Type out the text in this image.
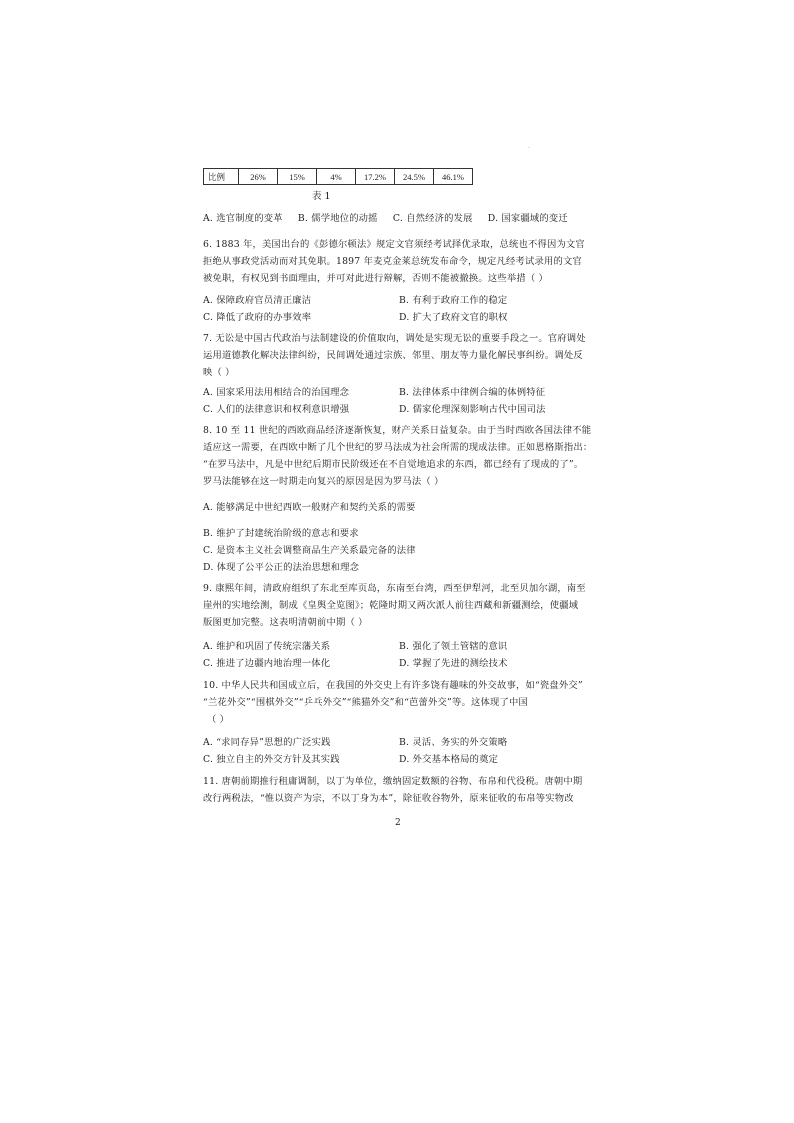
·
比例	26%	15%	4%	17.2%	24.5%	46.1%
表 1
A. 选官制度的变革 B. 儒学地位的动摇 C. 自然经济的发展 D. 国家疆域的变迁
6. 1883 年，美国出台的《彭德尔顿法》规定文官须经考试择优录取，总统也不得因为文官
拒绝从事政党活动而对其免职。1897 年麦克金莱总统发布命令，规定凡经考试录用的文官
被免职，有权见到书面理由，并可对此进行辩解，否则不能被撤换。这些举措（ ）
A. 保障政府官员清正廉洁	B. 有利于政府工作的稳定
C. 降低了政府的办事效率	D. 扩大了政府文官的职权
7. 无讼是中国古代政治与法制建设的价值取向，调处是实现无讼的重要手段之一。官府调处
运用道德教化解决法律纠纷，民间调处通过宗族、邻里、朋友等力量化解民事纠纷。调处反
映（ ）
A. 国家采用法用相结合的治国理念	B. 法律体系中律例合编的体例特征
C. 人们的法律意识和权利意识增强	D. 儒家伦理深刻影响古代中国司法
8. 10 至 11 世纪的西欧商品经济逐渐恢复，财产关系日益复杂。由于当时西欧各国法律不能
适应这一需要，在西欧中断了几个世纪的罗马法成为社会所需的现成法律。正如恩格斯指出：
“在罗马法中，凡是中世纪后期市民阶级还在不自觉地追求的东西，都已经有了现成的了”。
罗马法能够在这一时期走向复兴的原因是因为罗马法（ ）
A. 能够满足中世纪西欧一般财产和契约关系的需要
B. 维护了封建统治阶级的意志和要求
C. 是资本主义社会调整商品生产关系最完备的法律
D. 体现了公平公正的法治思想和理念
9. 康熙年间，清政府组织了东北至库页岛，东南至台湾，西至伊犁河，北至贝加尔湖，南至
崖州的实地绘测，制成《皇舆全览图》；乾隆时期又两次派人前往西藏和新疆测绘，使疆域
版图更加完整。这表明清朝前中期（ ）
A. 维护和巩固了传统宗藩关系	B. 强化了领土管辖的意识
C. 推进了边疆内地治理一体化	D. 掌握了先进的测绘技术
10. 中华人民共和国成立后，在我国的外交史上有许多饶有趣味的外交故事，如“瓷盘外交”
“兰花外交”“围棋外交”“乒乓外交”“熊猫外交”和“芭蕾外交”等。这体现了中国
（ ）
A. “求同存异”思想的广泛实践	B. 灵活、务实的外交策略
C. 独立自主的外交方针及其实践	D. 外交基本格局的奠定
11. 唐朝前期推行租庸调制，以丁为单位，缴纳固定数额的谷物、布帛和代役税。唐朝中期
改行两税法，“惟以资产为宗，不以丁身为本”，除征收谷物外，原来征收的布帛等实物改
2
